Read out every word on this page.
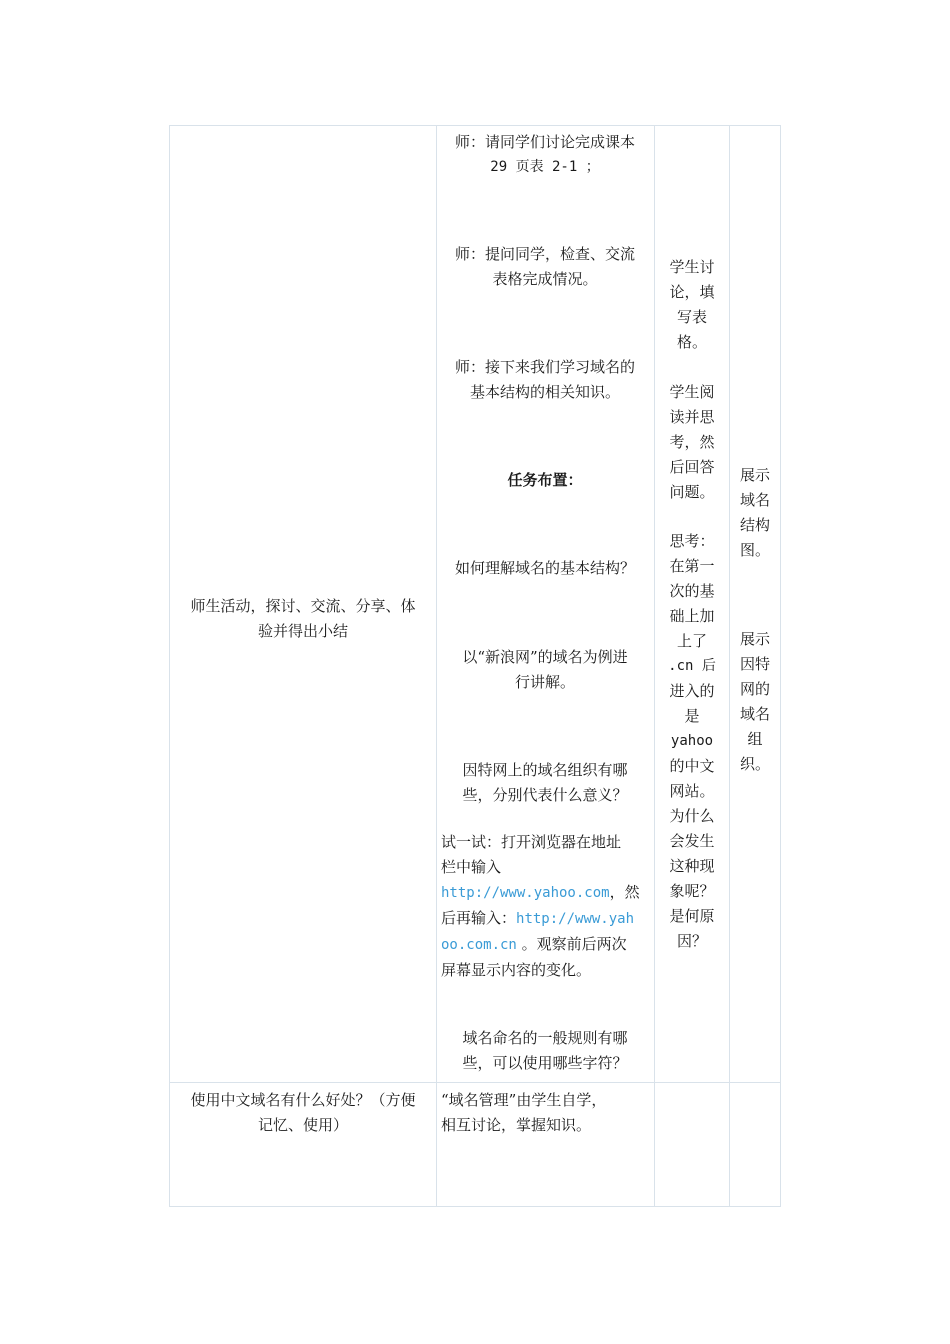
师生活动，探讨、交流、分享、体
验并得出小结
师：请同学们讨论完成课本
29 页表 2-1 ；
师：提问同学，检查、交流
表格完成情况。
师：接下来我们学习域名的
基本结构的相关知识。
任务布置：
如何理解域名的基本结构？
以“新浪网”的域名为例进
行讲解。
因特网上的域名组织有哪
些，分别代表什么意义？
试一试：打开浏览器在地址
栏中输入
http://www.yahoo.com，然
后再输入：http://www.yah
oo.com.cn 。观察前后两次
屏幕显示内容的变化。
域名命名的一般规则有哪
些，可以使用哪些字符？
学生讨
论，填
写表
格。
学生阅
读并思
考，然
后回答
问题。
思考：
在第一
次的基
础上加
上了
.cn 后
进入的
是
yahoo
的中文
网站。
为什么
会发生
这种现
象呢？
是何原
因？
展示
域名
结构
图。
展示
因特
网的
域名
组
织。
使用中文域名有什么好处？（方便
记忆、使用）
“域名管理”由学生自学，
相互讨论，掌握知识。
